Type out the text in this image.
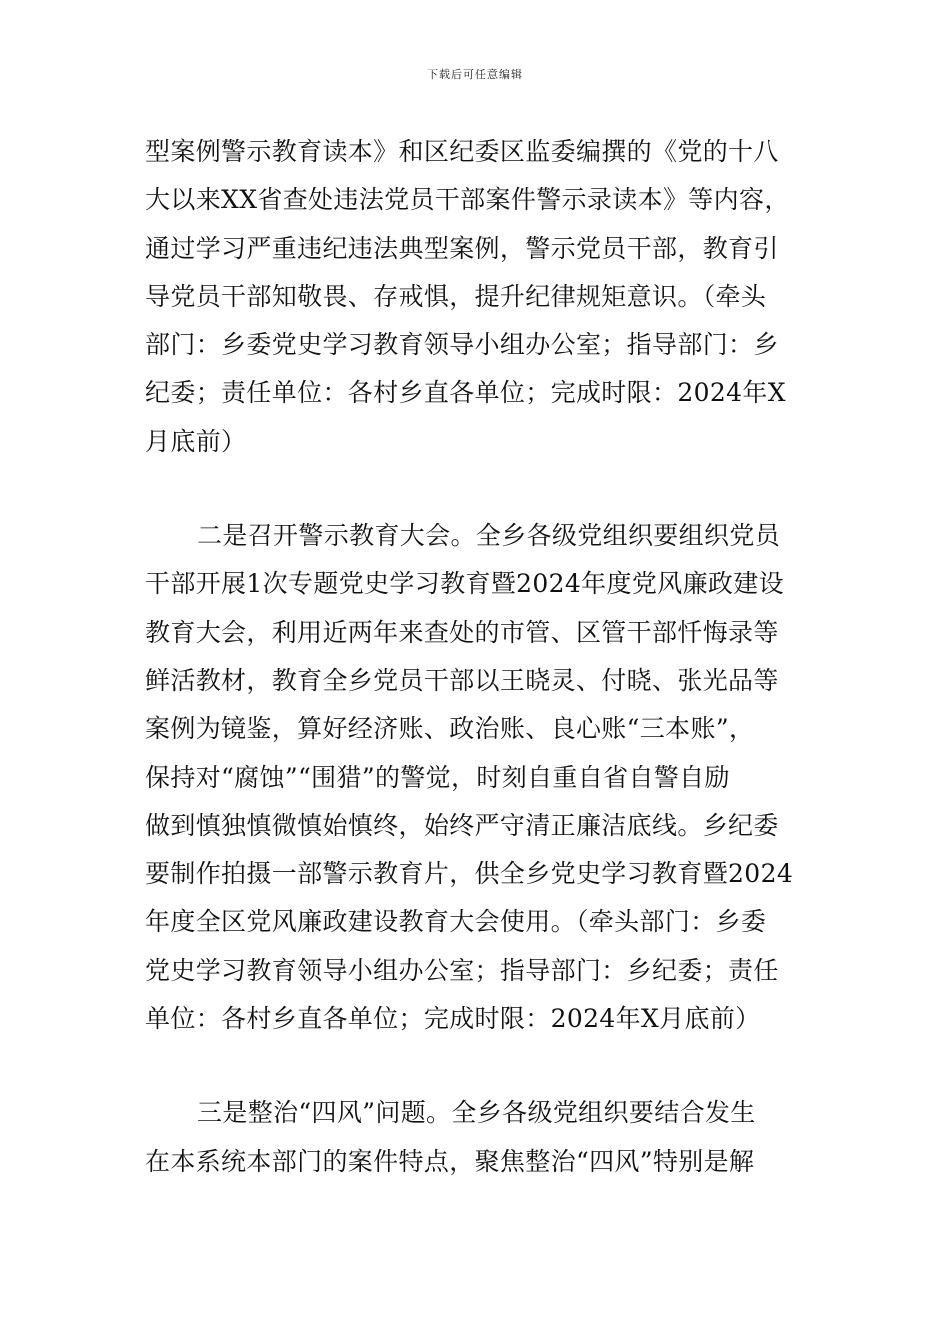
下载后可任意编辑

型案例警示教育读本》和区纪委区监委编撰的《党的十八
大以来XX省查处违法党员干部案件警示录读本》等内容，
通过学习严重违纪违法典型案例，警示党员干部，教育引
导党员干部知敬畏、存戒惧，提升纪律规矩意识。（牵头
部门：乡委党史学习教育领导小组办公室；指导部门：乡
纪委；责任单位：各村乡直各单位；完成时限：2024年X
月底前）

二是召开警示教育大会。全乡各级党组织要组织党员
干部开展1次专题党史学习教育暨2024年度党风廉政建设
教育大会，利用近两年来查处的市管、区管干部忏悔录等
鲜活教材，教育全乡党员干部以王晓灵、付晓、张光品等
案例为镜鉴，算好经济账、政治账、良心账“三本账”，
保持对“腐蚀”“围猎”的警觉，时刻自重自省自警自励
做到慎独慎微慎始慎终，始终严守清正廉洁底线。乡纪委
要制作拍摄一部警示教育片，供全乡党史学习教育暨2024
年度全区党风廉政建设教育大会使用。（牵头部门：乡委
党史学习教育领导小组办公室；指导部门：乡纪委；责任
单位：各村乡直各单位；完成时限：2024年X月底前）

三是整治“四风”问题。全乡各级党组织要结合发生
在本系统本部门的案件特点，聚焦整治“四风”特别是解
